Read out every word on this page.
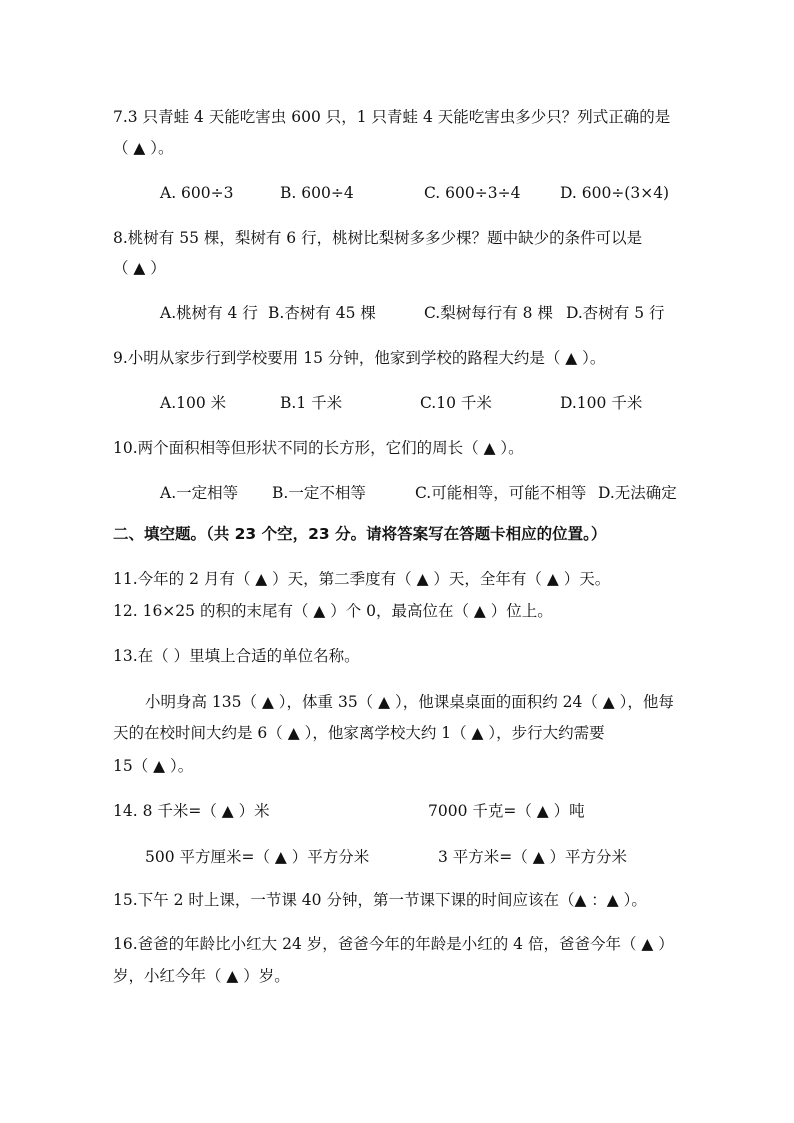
7.3 只青蛙 4 天能吃害虫 600 只，1 只青蛙 4 天能吃害虫多少只？列式正确的是
（ ▲ ）。
A. 600÷3	B. 600÷4	C. 600÷3÷4	D. 600÷(3×4)
8.桃树有 55 棵，梨树有 6 行，桃树比梨树多多少棵？题中缺少的条件可以是
（ ▲ ）
A.桃树有 4 行 B.杏树有 45 棵	C.梨树每行有 8 棵 D.杏树有 5 行
9.小明从家步行到学校要用 15 分钟，他家到学校的路程大约是（ ▲ ）。
A.100 米	B.1 千米	C.10 千米	D.100 千米
10.两个面积相等但形状不同的长方形，它们的周长（ ▲ ）。
A.一定相等 B.一定不相等	C.可能相等，可能不相等 D.无法确定
二、填空题。（共 23 个空，23 分。请将答案写在答题卡相应的位置。）
11.今年的 2 月有（ ▲ ）天，第二季度有（ ▲ ）天，全年有（ ▲ ）天。
12. 16×25 的积的末尾有（ ▲ ）个 0，最高位在（ ▲ ）位上。
13.在（ ）里填上合适的单位名称。
小明身高 135（ ▲ ），体重 35（ ▲ ），他课桌桌面的面积约 24（ ▲ ），他每
天的在校时间大约是 6（ ▲ ），他家离学校大约 1（ ▲ ），步行大约需要
15（ ▲ ）。
14. 8 千米=（ ▲ ）米	7000 千克=（ ▲ ）吨
500 平方厘米=（ ▲ ）平方分米	3 平方米=（ ▲ ）平方分米
15.下午 2 时上课，一节课 40 分钟，第一节课下课的时间应该在（▲ ：▲ ）。
16.爸爸的年龄比小红大 24 岁，爸爸今年的年龄是小红的 4 倍，爸爸今年（ ▲ ）
岁，小红今年（ ▲ ）岁。
